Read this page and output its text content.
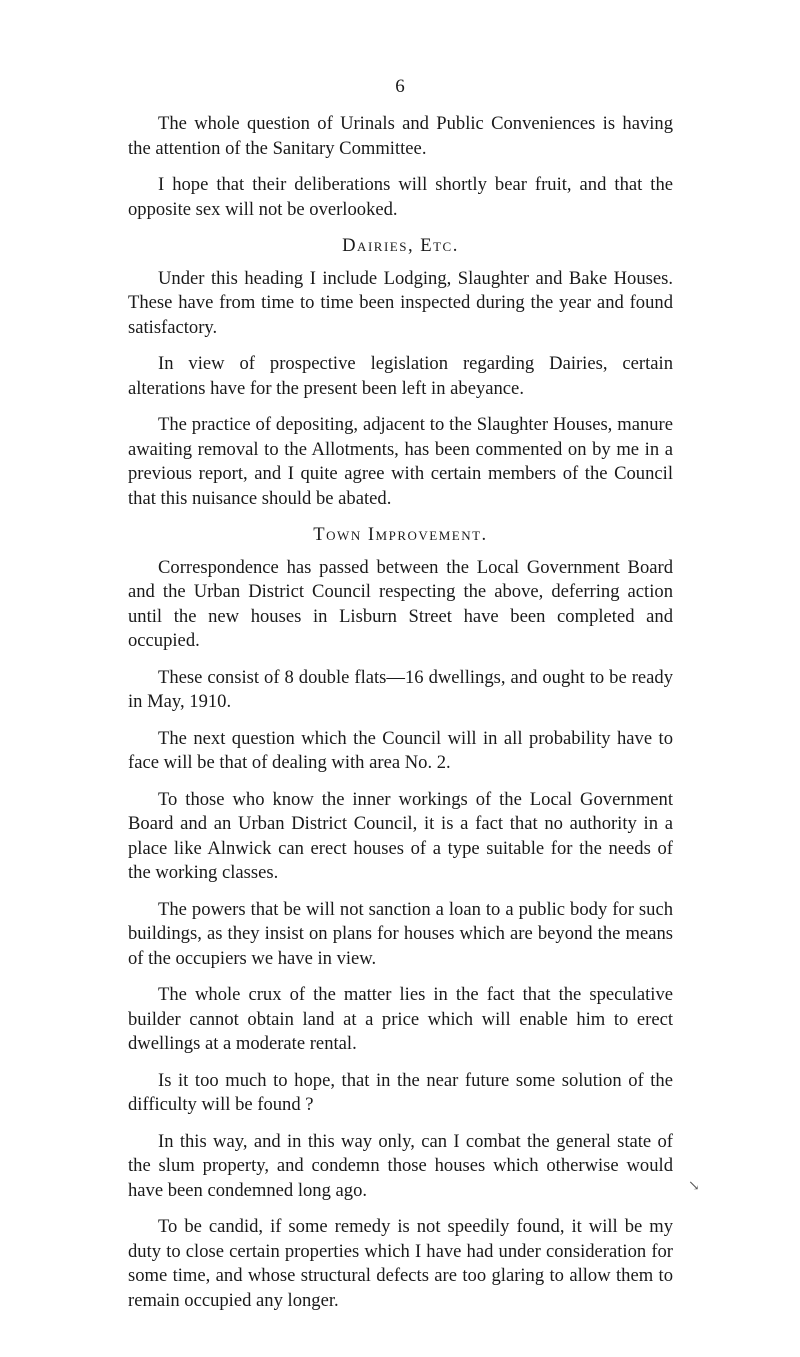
6

The whole question of Urinals and Public Conveniences is having the attention of the Sanitary Committee.

I hope that their deliberations will shortly bear fruit, and that the opposite sex will not be overlooked.

Dairies, Etc.

Under this heading I include Lodging, Slaughter and Bake Houses. These have from time to time been inspected during the year and found satisfactory.

In view of prospective legislation regarding Dairies, certain alterations have for the present been left in abeyance.

The practice of depositing, adjacent to the Slaughter Houses, manure awaiting removal to the Allotments, has been commented on by me in a previous report, and I quite agree with certain members of the Council that this nuisance should be abated.

Town Improvement.

Correspondence has passed between the Local Government Board and the Urban District Council respecting the above, deferring action until the new houses in Lisburn Street have been completed and occupied.

These consist of 8 double flats—16 dwellings, and ought to be ready in May, 1910.

The next question which the Council will in all probability have to face will be that of dealing with area No. 2.

To those who know the inner workings of the Local Government Board and an Urban District Council, it is a fact that no authority in a place like Alnwick can erect houses of a type suitable for the needs of the working classes.

The powers that be will not sanction a loan to a public body for such buildings, as they insist on plans for houses which are beyond the means of the occupiers we have in view.

The whole crux of the matter lies in the fact that the speculative builder cannot obtain land at a price which will enable him to erect dwellings at a moderate rental.

Is it too much to hope, that in the near future some solution of the difficulty will be found ?

In this way, and in this way only, can I combat the general state of the slum property, and condemn those houses which otherwise would have been condemned long ago.

To be candid, if some remedy is not speedily found, it will be my duty to close certain properties which I have had under consideration for some time, and whose structural defects are too glaring to allow them to remain occupied any longer.

↘
